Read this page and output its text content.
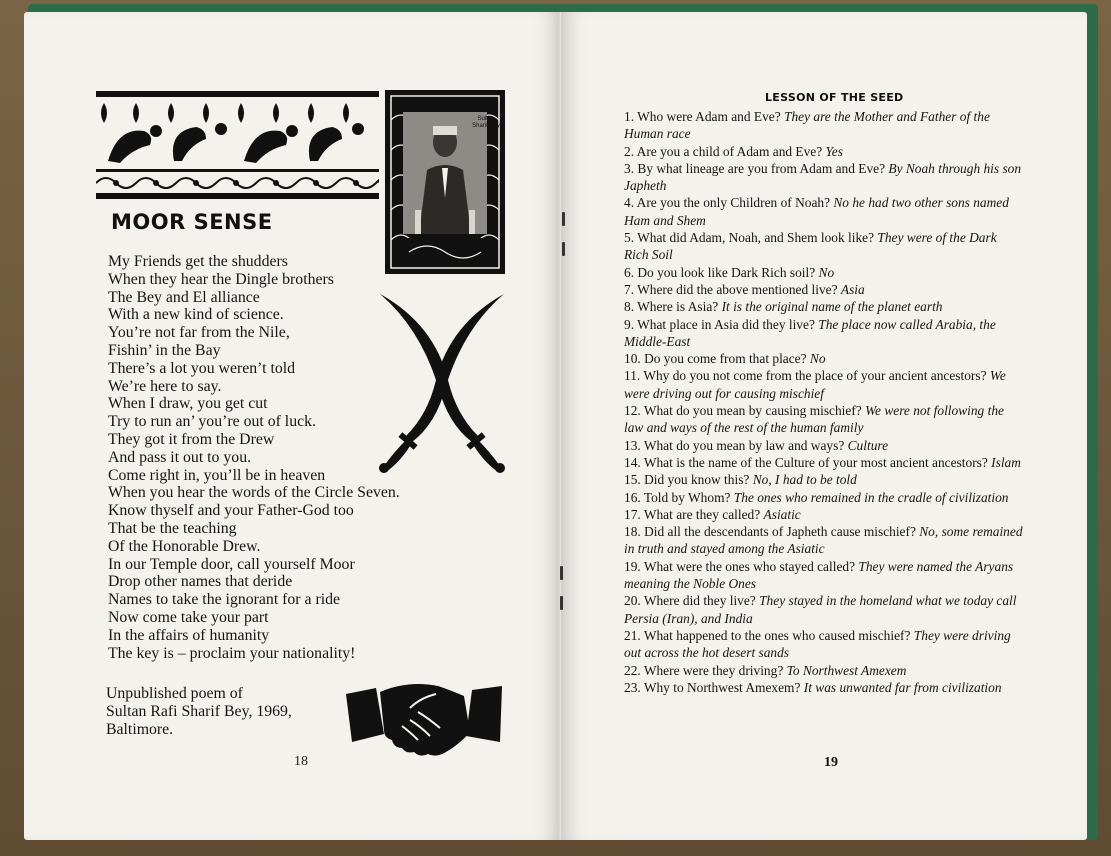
Sultan Sharif Bey
MOOR SENSE
My Friends get the shudders
When they hear the Dingle brothers
The Bey and El alliance
With a new kind of science.
You’re not far from the Nile,
Fishin’ in the Bay
There’s a lot you weren’t told
We’re here to say.
When I draw, you get cut
Try to run an’ you’re out of luck.
They got it from the Drew
And pass it out to you.
Come right in, you’ll be in heaven
When you hear the words of the Circle Seven.
Know thyself and your Father-God too
That be the teaching
Of the Honorable Drew.
In our Temple door, call yourself Moor
Drop other names that deride
Names to take the ignorant for a ride
Now come take your part
In the affairs of humanity
The key is – proclaim your nationality!
Unpublished poem of
Sultan Rafi Sharif Bey, 1969,
Baltimore.
18
LESSON OF THE SEED
1. Who were Adam and Eve? They are the Mother and Father of the Human race
2. Are you a child of Adam and Eve? Yes
3. By what lineage are you from Adam and Eve? By Noah through his son Japheth
4. Are you the only Children of Noah? No he had two other sons named Ham and Shem
5. What did Adam, Noah, and Shem look like? They were of the Dark Rich Soil
6. Do you look like Dark Rich soil? No
7. Where did the above mentioned live? Asia
8. Where is Asia? It is the original name of the planet earth
9. What place in Asia did they live? The place now called Arabia, the Middle-East
10. Do you come from that place? No
11. Why do you not come from the place of your ancient ancestors? We were driving out for causing mischief
12. What do you mean by causing mischief? We were not following the law and ways of the rest of the human family
13. What do you mean by law and ways? Culture
14. What is the name of the Culture of your most ancient ancestors? Islam
15. Did you know this? No, I had to be told
16. Told by Whom? The ones who remained in the cradle of civilization
17. What are they called? Asiatic
18. Did all the descendants of Japheth cause mischief? No, some remained in truth and stayed among the Asiatic
19. What were the ones who stayed called? They were named the Aryans meaning the Noble Ones
20. Where did they live? They stayed in the homeland what we today call Persia (Iran), and India
21. What happened to the ones who caused mischief? They were driving out across the hot desert sands
22. Where were they driving? To Northwest Amexem
23. Why to Northwest Amexem? It was unwanted far from civilization
19
